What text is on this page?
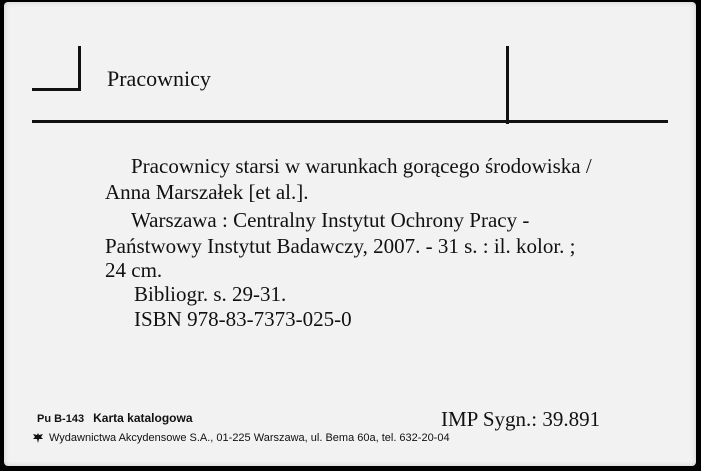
Pracownicy

Pracownicy starsi w warunkach gorącego środowiska /

Anna Marszałek [et al.].

Warszawa : Centralny Instytut Ochrony Pracy -

Państwowy Instytut Badawczy, 2007. - 31 s. : il. kolor. ;

24 cm.

Bibliogr. s. 29-31.

ISBN 978-83-7373-025-0

Pu B-143 Karta katalogowa	IMP Sygn.: 39.891
Wydawnictwa Akcydensowe S.A., 01-225 Warszawa, ul. Bema 60a, tel. 632-20-04
